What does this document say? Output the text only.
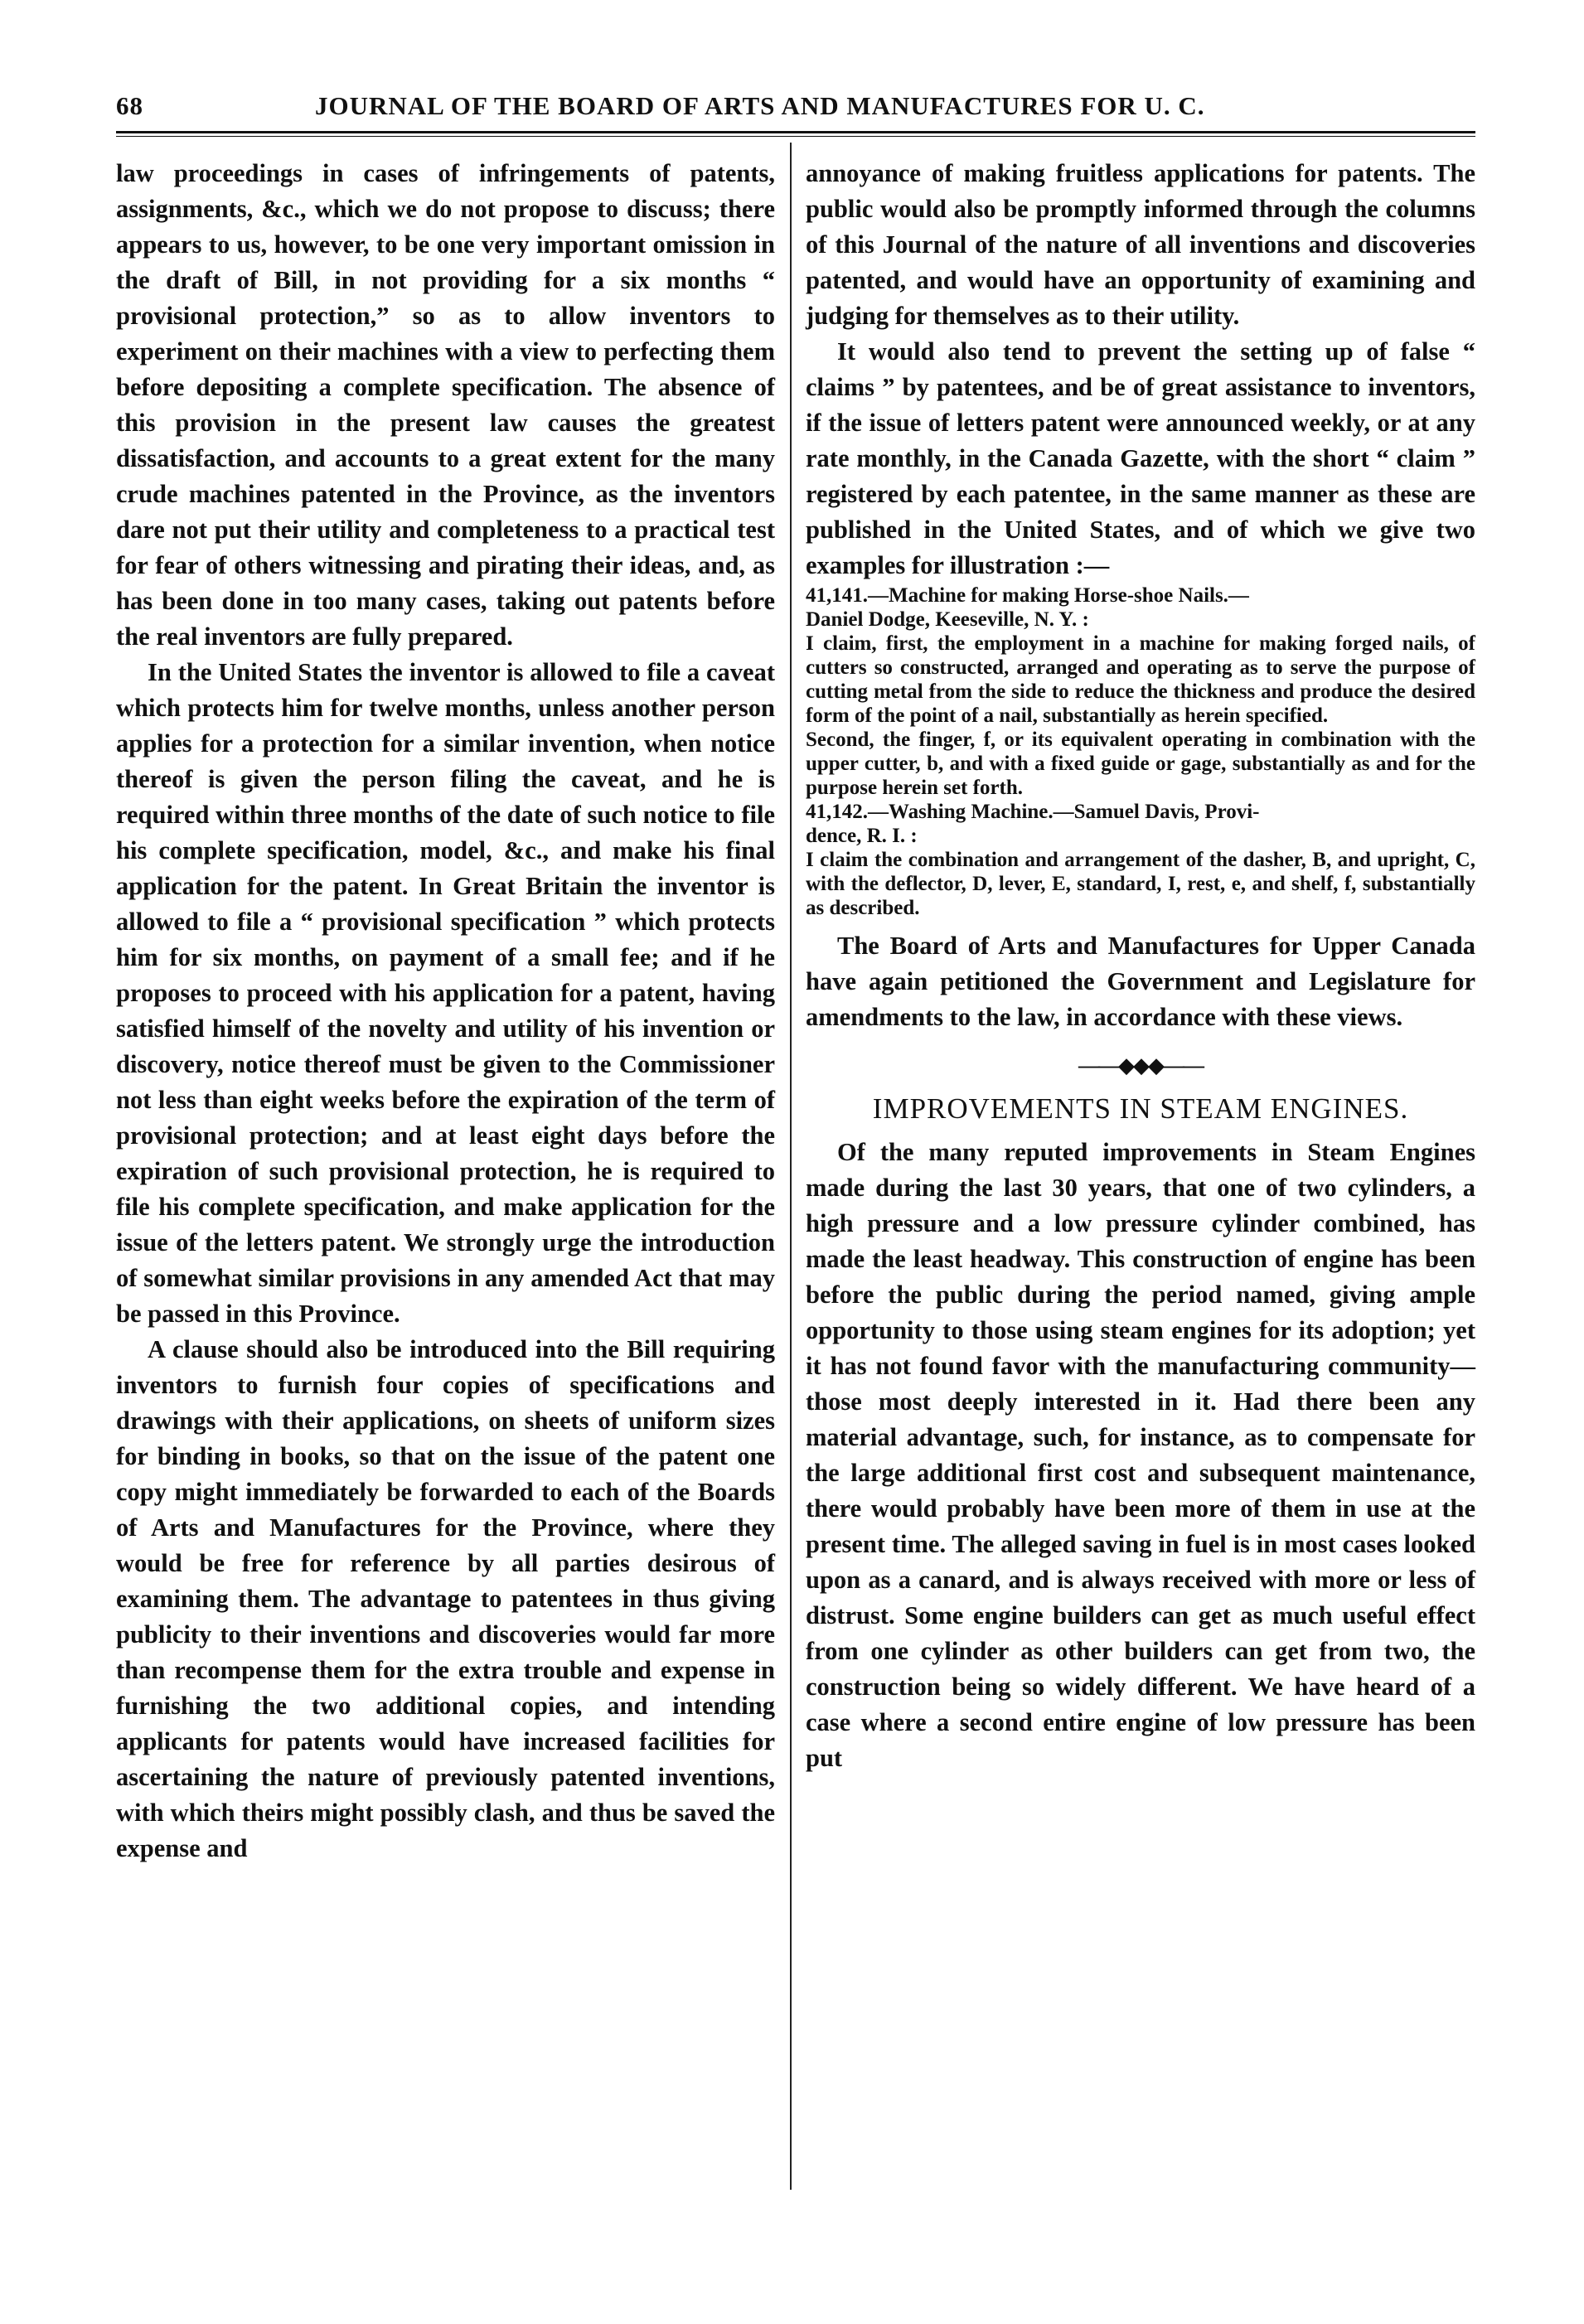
68	JOURNAL OF THE BOARD OF ARTS AND MANUFACTURES FOR U. C.

law proceedings in cases of infringements of patents, assignments, &c., which we do not propose to discuss; there appears to us, however, to be one very important omission in the draft of Bill, in not providing for a six months “ provisional protection,” so as to allow inventors to experiment on their machines with a view to perfecting them before depositing a complete specification. The absence of this provision in the present law causes the greatest dissatisfaction, and accounts to a great extent for the many crude machines patented in the Province, as the inventors dare not put their utility and completeness to a practical test for fear of others witnessing and pirating their ideas, and, as has been done in too many cases, taking out patents before the real inventors are fully prepared.

In the United States the inventor is allowed to file a caveat which protects him for twelve months, unless another person applies for a protection for a similar invention, when notice thereof is given the person filing the caveat, and he is required within three months of the date of such notice to file his complete specification, model, &c., and make his final application for the patent. In Great Britain the inventor is allowed to file a “ provisional specification ” which protects him for six months, on payment of a small fee; and if he proposes to proceed with his application for a patent, having satisfied himself of the novelty and utility of his invention or discovery, notice thereof must be given to the Commissioner not less than eight weeks before the expiration of the term of provisional protection; and at least eight days before the expiration of such provisional protection, he is required to file his complete specification, and make application for the issue of the letters patent. We strongly urge the introduction of somewhat similar provisions in any amended Act that may be passed in this Province.

A clause should also be introduced into the Bill requiring inventors to furnish four copies of specifications and drawings with their applications, on sheets of uniform sizes for binding in books, so that on the issue of the patent one copy might immediately be forwarded to each of the Boards of Arts and Manufactures for the Province, where they would be free for reference by all parties desirous of examining them. The advantage to patentees in thus giving publicity to their inventions and discoveries would far more than recompense them for the extra trouble and expense in furnishing the two additional copies, and intending applicants for patents would have increased facilities for ascertaining the nature of previously patented inventions, with which theirs might possibly clash, and thus be saved the expense and

annoyance of making fruitless applications for patents. The public would also be promptly informed through the columns of this Journal of the nature of all inventions and discoveries patented, and would have an opportunity of examining and judging for themselves as to their utility.

It would also tend to prevent the setting up of false “ claims ” by patentees, and be of great assistance to inventors, if the issue of letters patent were announced weekly, or at any rate monthly, in the Canada Gazette, with the short “ claim ” registered by each patentee, in the same manner as these are published in the United States, and of which we give two examples for illustration :—

41,141.—Machine for making Horse-shoe Nails.—

Daniel Dodge, Keeseville, N. Y. :

I claim, first, the employment in a machine for making forged nails, of cutters so constructed, arranged and operating as to serve the purpose of cutting metal from the side to reduce the thickness and produce the desired form of the point of a nail, substantially as herein specified.

Second, the finger, f, or its equivalent operating in combination with the upper cutter, b, and with a fixed guide or gage, substantially as and for the purpose herein set forth.

41,142.—Washing Machine.—Samuel Davis, Provi-

dence, R. I. :

I claim the combination and arrangement of the dasher, B, and upright, C, with the deflector, D, lever, E, standard, I, rest, e, and shelf, f, substantially as described.

The Board of Arts and Manufactures for Upper Canada have again petitioned the Government and Legislature for amendments to the law, in accordance with these views.

——◆◆◆——
IMPROVEMENTS IN STEAM ENGINES.

Of the many reputed improvements in Steam Engines made during the last 30 years, that one of two cylinders, a high pressure and a low pressure cylinder combined, has made the least headway. This construction of engine has been before the public during the period named, giving ample opportunity to those using steam engines for its adoption; yet it has not found favor with the manufacturing community—those most deeply interested in it. Had there been any material advantage, such, for instance, as to compensate for the large additional first cost and subsequent maintenance, there would probably have been more of them in use at the present time. The alleged saving in fuel is in most cases looked upon as a canard, and is always received with more or less of distrust. Some engine builders can get as much useful effect from one cylinder as other builders can get from two, the construction being so widely different. We have heard of a case where a second entire engine of low pressure has been put
